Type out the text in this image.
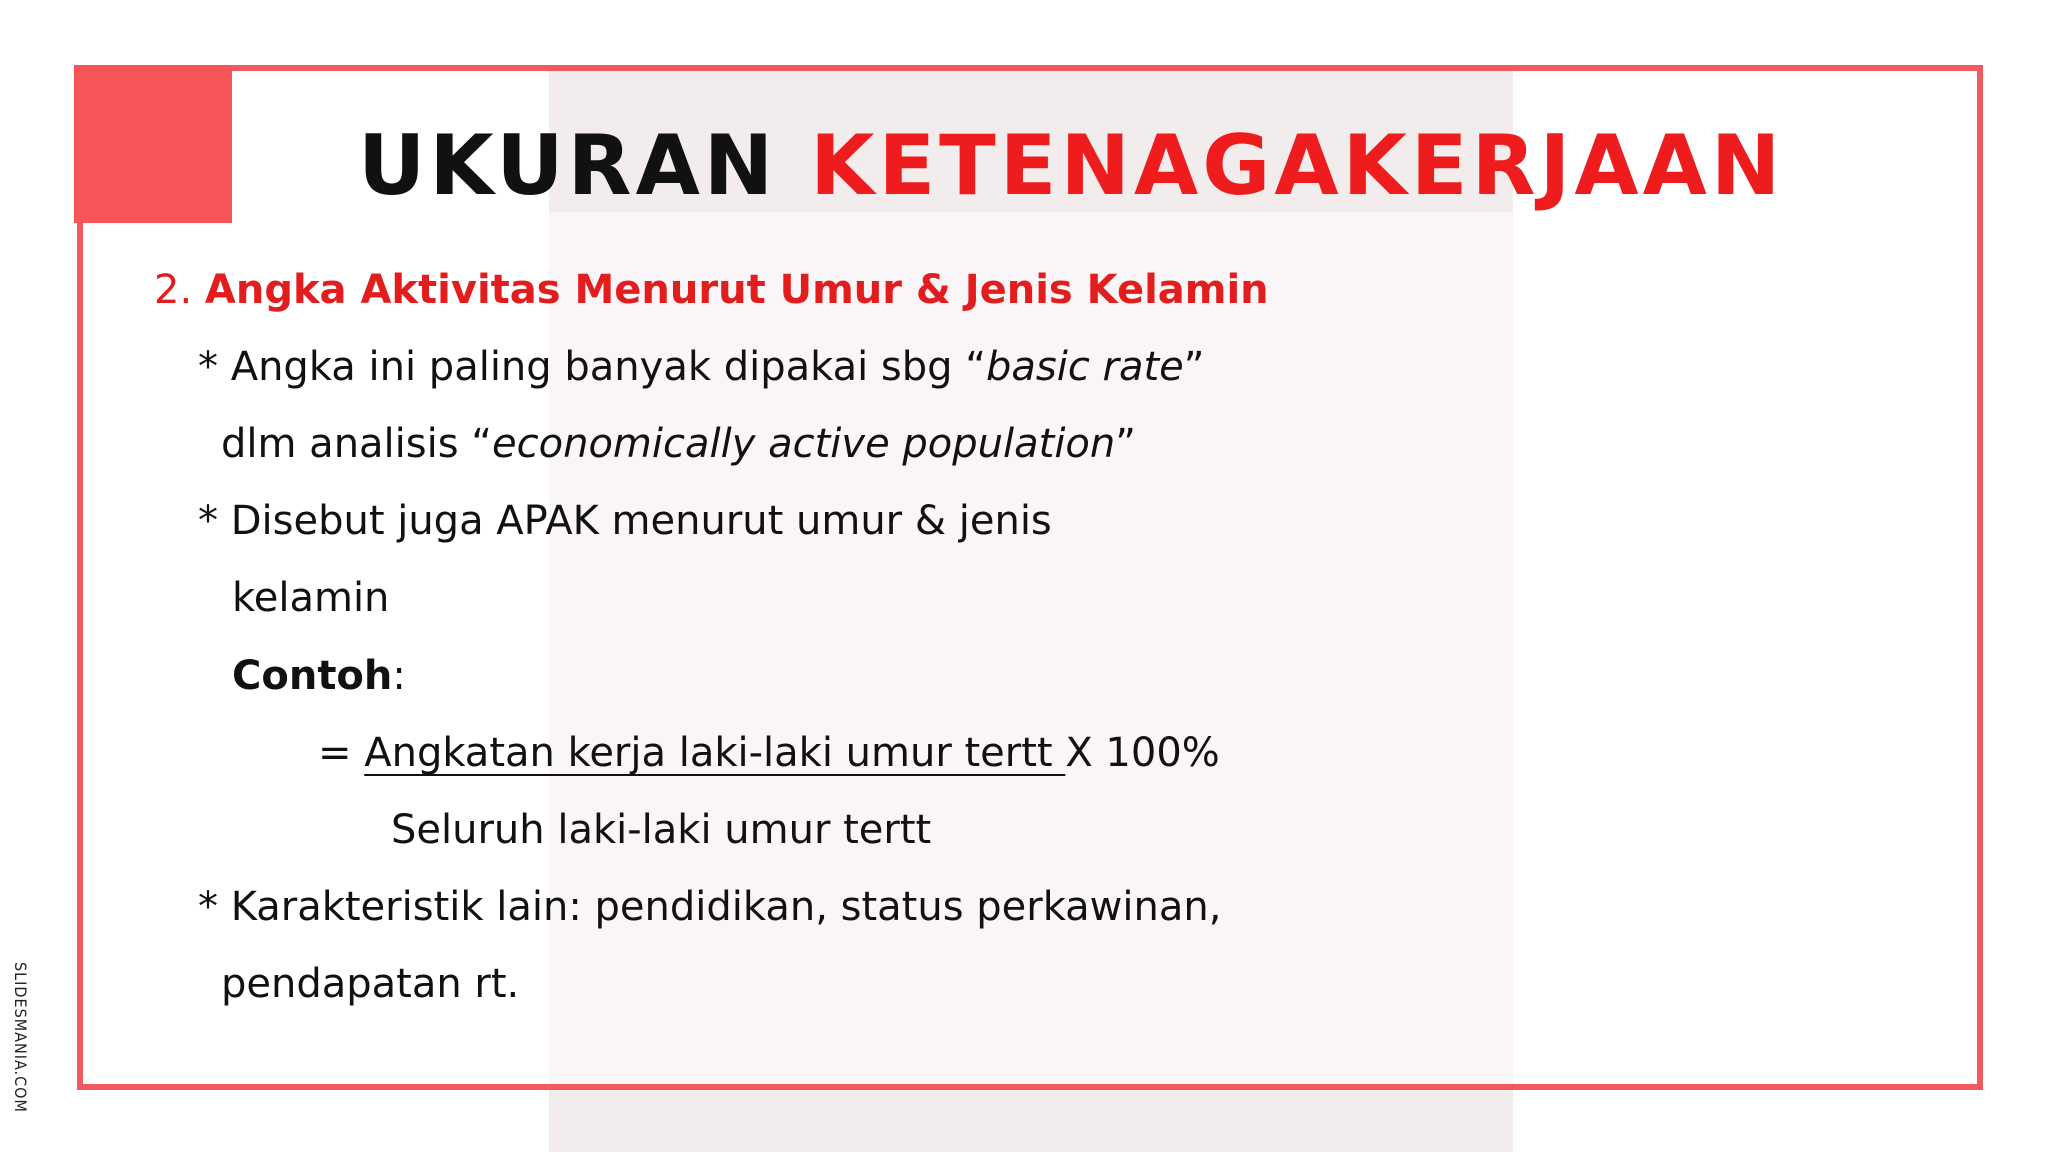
UKURAN KETENAGAKERJAAN
2. Angka Aktivitas Menurut Umur & Jenis Kelamin
* Angka ini paling banyak dipakai sbg “basic rate”
dlm analisis “economically active population”
* Disebut juga APAK menurut umur & jenis
kelamin
Contoh:
= Angkatan kerja laki-laki umur tertt X 100%
Seluruh laki-laki umur tertt
* Karakteristik lain: pendidikan, status perkawinan,
pendapatan rt.
SLIDESMANIA.COM
